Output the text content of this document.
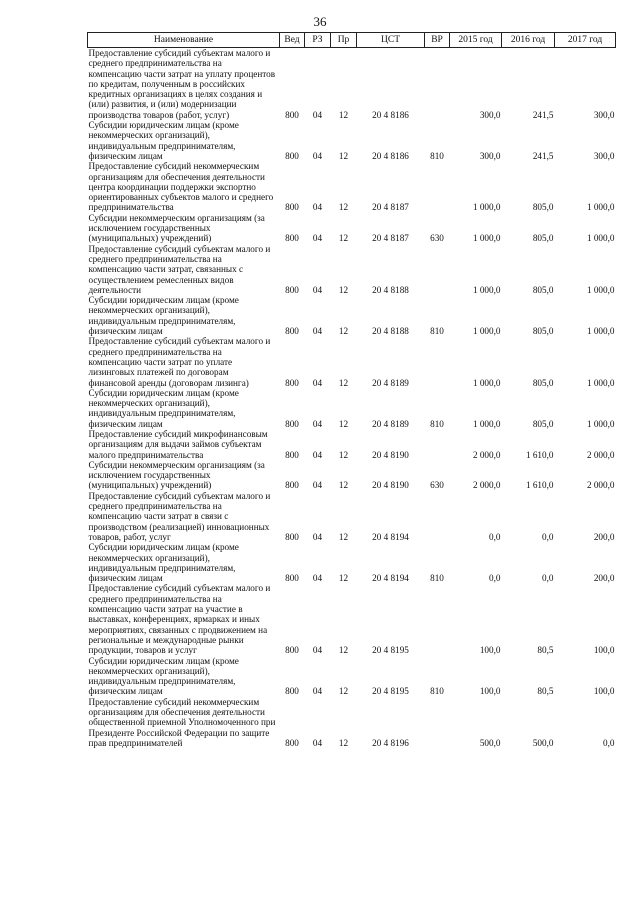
36
Наименование	Вед	РЗ	Пр	ЦСТ	ВР	2015 год	2016 год	2017 год
Предоставление субсидий субъектам малого и среднего предпринимательства на компенсацию части затрат на уплату процентов по кредитам, полученным в российских кредитных организациях в целях создания и (или) развития, и (или) модернизации производства товаров (работ, услуг)	800	04	12	20 4 8186		300,0	241,5	300,0
Субсидии юридическим лицам (кроме некоммерческих организаций), индивидуальным предпринимателям, физическим лицам	800	04	12	20 4 8186	810	300,0	241,5	300,0
Предоставление субсидий некоммерческим организациям для обеспечения деятельности центра координации поддержки экспортно ориентированных субъектов малого и среднего предпринимательства	800	04	12	20 4 8187		1 000,0	805,0	1 000,0
Субсидии некоммерческим организациям (за исключением государственных (муниципальных) учреждений)	800	04	12	20 4 8187	630	1 000,0	805,0	1 000,0
Предоставление субсидий субъектам малого и среднего предпринимательства на компенсацию части затрат, связанных с осуществлением ремесленных видов деятельности	800	04	12	20 4 8188		1 000,0	805,0	1 000,0
Субсидии юридическим лицам (кроме некоммерческих организаций), индивидуальным предпринимателям, физическим лицам	800	04	12	20 4 8188	810	1 000,0	805,0	1 000,0
Предоставление субсидий субъектам малого и среднего предпринимательства на компенсацию части затрат по уплате лизинговых платежей по договорам финансовой аренды (договорам лизинга)	800	04	12	20 4 8189		1 000,0	805,0	1 000,0
Субсидии юридическим лицам (кроме некоммерческих организаций), индивидуальным предпринимателям, физическим лицам	800	04	12	20 4 8189	810	1 000,0	805,0	1 000,0
Предоставление субсидий микрофинансовым организациям для выдачи займов субъектам малого предпринимательства	800	04	12	20 4 8190		2 000,0	1 610,0	2 000,0
Субсидии некоммерческим организациям (за исключением государственных (муниципальных) учреждений)	800	04	12	20 4 8190	630	2 000,0	1 610,0	2 000,0
Предоставление субсидий субъектам малого и среднего предпринимательства на компенсацию части затрат в связи с производством (реализацией) инновационных товаров, работ, услуг	800	04	12	20 4 8194		0,0	0,0	200,0
Субсидии юридическим лицам (кроме некоммерческих организаций), индивидуальным предпринимателям, физическим лицам	800	04	12	20 4 8194	810	0,0	0,0	200,0
Предоставление субсидий субъектам малого и среднего предпринимательства на компенсацию части затрат на участие в выставках, конференциях, ярмарках и иных мероприятиях, связанных с продвижением на региональные и международные рынки продукции, товаров и услуг	800	04	12	20 4 8195		100,0	80,5	100,0
Субсидии юридическим лицам (кроме некоммерческих организаций), индивидуальным предпринимателям, физическим лицам	800	04	12	20 4 8195	810	100,0	80,5	100,0
Предоставление субсидий некоммерческим организациям для обеспечения деятельности общественной приемной Уполномоченного при Президенте Российской Федерации по защите прав предпринимателей	800	04	12	20 4 8196		500,0	500,0	0,0
